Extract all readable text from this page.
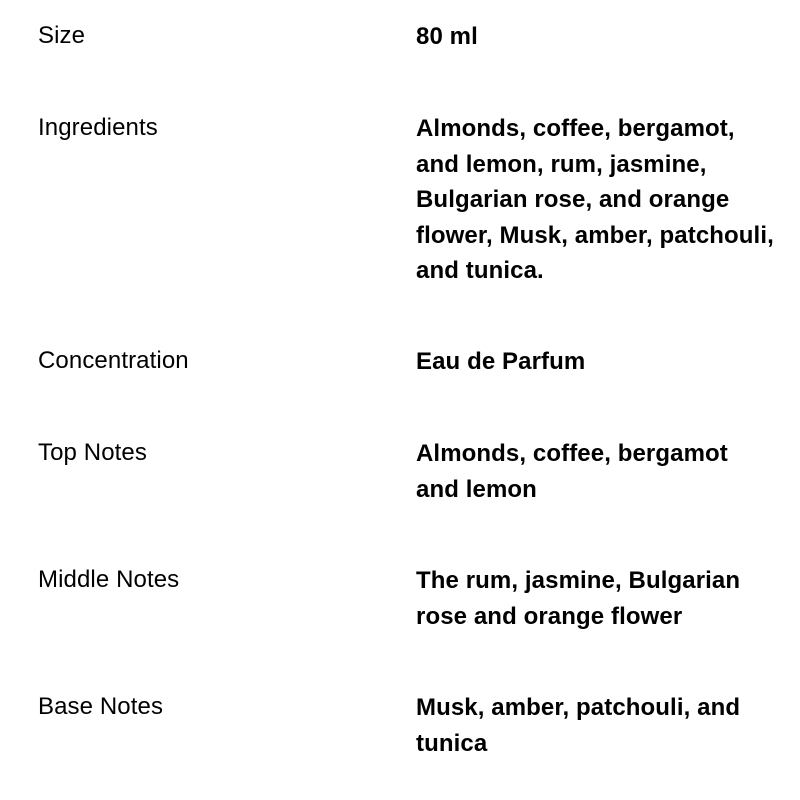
Size	80 ml
Ingredients	Almonds, coffee, bergamot, and lemon, rum, jasmine, Bulgarian rose, and orange flower, Musk, amber, patchouli, and tunica.
Concentration	Eau de Parfum
Top Notes	Almonds, coffee, bergamot and lemon
Middle Notes	The rum, jasmine, Bulgarian rose and orange flower
Base Notes	Musk, amber, patchouli, and tunica
